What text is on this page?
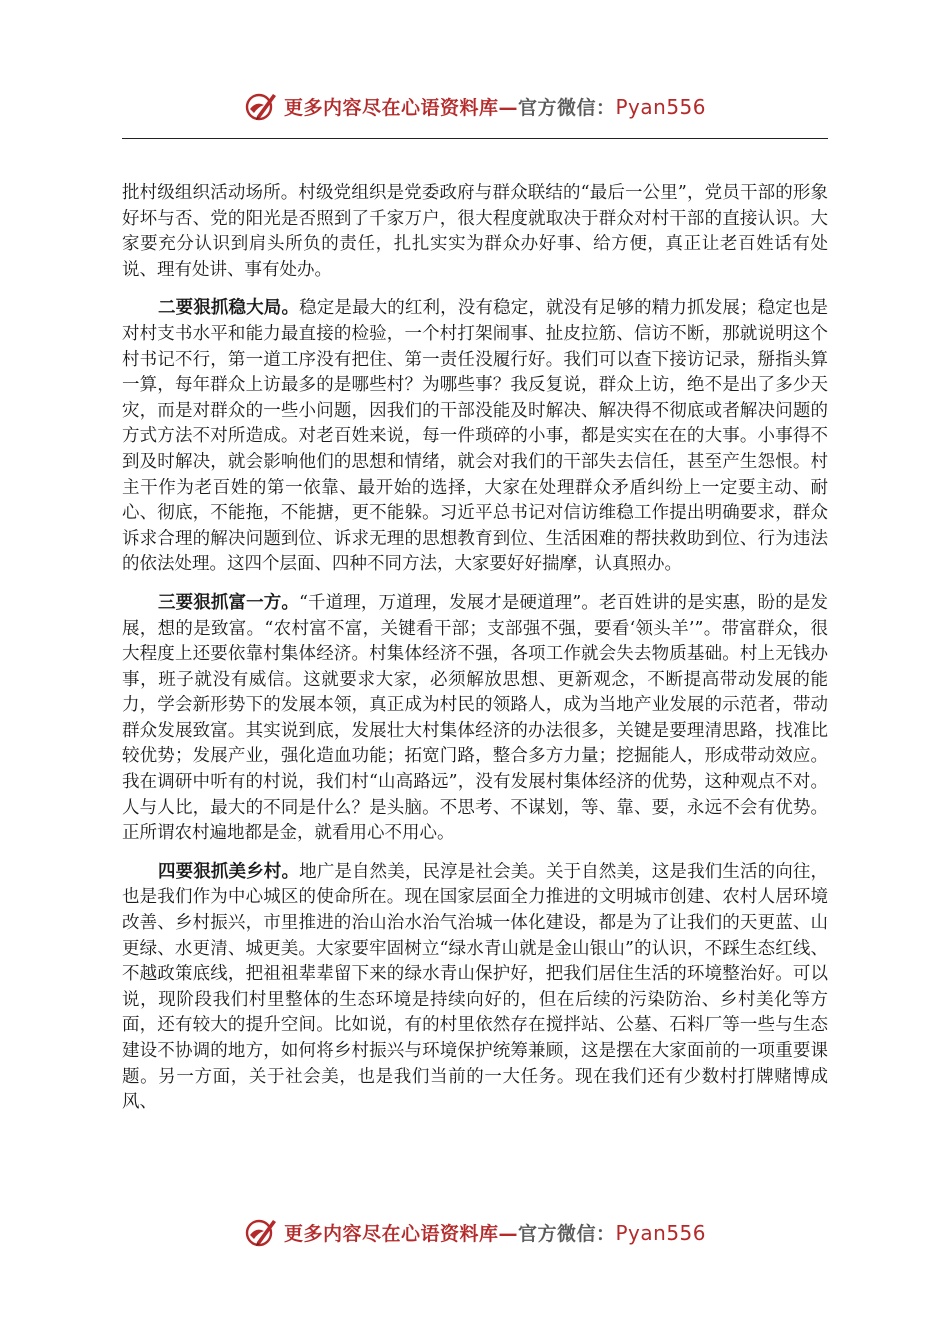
更多内容尽在心语资料库—官方微信：Pyan556

批村级组织活动场所。村级党组织是党委政府与群众联结的“最后一公里”，党员干部的形象好坏与否、党的阳光是否照到了千家万户，很大程度就取决于群众对村干部的直接认识。大家要充分认识到肩头所负的责任，扎扎实实为群众办好事、给方便，真正让老百姓话有处说、理有处讲、事有处办。

二要狠抓稳大局。稳定是最大的红利，没有稳定，就没有足够的精力抓发展；稳定也是对村支书水平和能力最直接的检验，一个村打架闹事、扯皮拉筋、信访不断，那就说明这个村书记不行，第一道工序没有把住、第一责任没履行好。我们可以查下接访记录，掰指头算一算，每年群众上访最多的是哪些村？为哪些事？我反复说，群众上访，绝不是出了多少天灾，而是对群众的一些小问题，因我们的干部没能及时解决、解决得不彻底或者解决问题的方式方法不对所造成。对老百姓来说，每一件琐碎的小事，都是实实在在的大事。小事得不到及时解决，就会影响他们的思想和情绪，就会对我们的干部失去信任，甚至产生怨恨。村主干作为老百姓的第一依靠、最开始的选择，大家在处理群众矛盾纠纷上一定要主动、耐心、彻底，不能拖，不能搪，更不能躲。习近平总书记对信访维稳工作提出明确要求，群众诉求合理的解决问题到位、诉求无理的思想教育到位、生活困难的帮扶救助到位、行为违法的依法处理。这四个层面、四种不同方法，大家要好好揣摩，认真照办。

三要狠抓富一方。“千道理，万道理，发展才是硬道理”。老百姓讲的是实惠，盼的是发展，想的是致富。“农村富不富，关键看干部；支部强不强，要看‘领头羊’”。带富群众，很大程度上还要依靠村集体经济。村集体经济不强，各项工作就会失去物质基础。村上无钱办事，班子就没有威信。这就要求大家，必须解放思想、更新观念，不断提高带动发展的能力，学会新形势下的发展本领，真正成为村民的领路人，成为当地产业发展的示范者，带动群众发展致富。其实说到底，发展壮大村集体经济的办法很多，关键是要理清思路，找准比较优势；发展产业，强化造血功能；拓宽门路，整合多方力量；挖掘能人，形成带动效应。我在调研中听有的村说，我们村“山高路远”，没有发展村集体经济的优势，这种观点不对。人与人比，最大的不同是什么？是头脑。不思考、不谋划，等、靠、要，永远不会有优势。正所谓农村遍地都是金，就看用心不用心。

四要狠抓美乡村。地广是自然美，民淳是社会美。关于自然美，这是我们生活的向往，也是我们作为中心城区的使命所在。现在国家层面全力推进的文明城市创建、农村人居环境改善、乡村振兴，市里推进的治山治水治气治城一体化建设，都是为了让我们的天更蓝、山更绿、水更清、城更美。大家要牢固树立“绿水青山就是金山银山”的认识，不踩生态红线、不越政策底线，把祖祖辈辈留下来的绿水青山保护好，把我们居住生活的环境整治好。可以说，现阶段我们村里整体的生态环境是持续向好的，但在后续的污染防治、乡村美化等方面，还有较大的提升空间。比如说，有的村里依然存在搅拌站、公墓、石料厂等一些与生态建设不协调的地方，如何将乡村振兴与环境保护统筹兼顾，这是摆在大家面前的一项重要课题。另一方面，关于社会美，也是我们当前的一大任务。现在我们还有少数村打牌赌博成风、

更多内容尽在心语资料库—官方微信：Pyan556
